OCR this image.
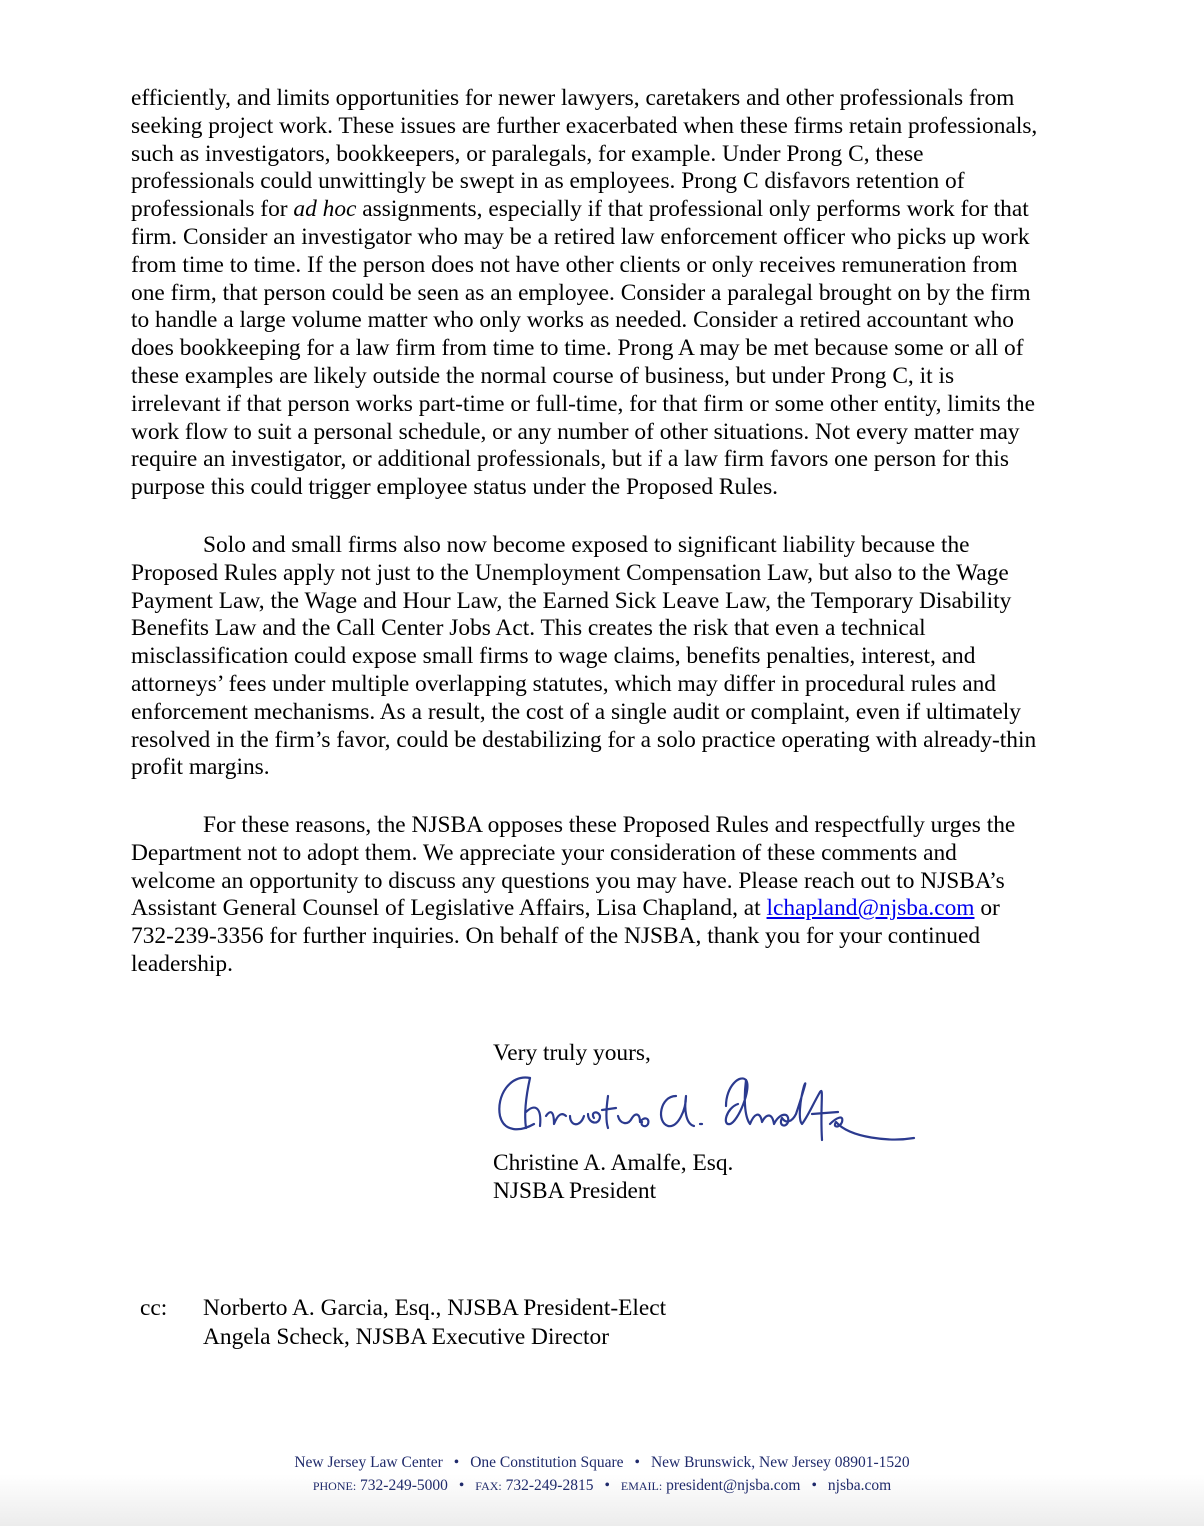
efficiently, and limits opportunities for newer lawyers, caretakers and other professionals from
seeking project work. These issues are further exacerbated when these firms retain professionals,
such as investigators, bookkeepers, or paralegals, for example. Under Prong C, these
professionals could unwittingly be swept in as employees. Prong C disfavors retention of
professionals for ad hoc assignments, especially if that professional only performs work for that
firm. Consider an investigator who may be a retired law enforcement officer who picks up work
from time to time. If the person does not have other clients or only receives remuneration from
one firm, that person could be seen as an employee. Consider a paralegal brought on by the firm
to handle a large volume matter who only works as needed. Consider a retired accountant who
does bookkeeping for a law firm from time to time. Prong A may be met because some or all of
these examples are likely outside the normal course of business, but under Prong C, it is
irrelevant if that person works part-time or full-time, for that firm or some other entity, limits the
work flow to suit a personal schedule, or any number of other situations. Not every matter may
require an investigator, or additional professionals, but if a law firm favors one person for this
purpose this could trigger employee status under the Proposed Rules.
Solo and small firms also now become exposed to significant liability because the
Proposed Rules apply not just to the Unemployment Compensation Law, but also to the Wage
Payment Law, the Wage and Hour Law, the Earned Sick Leave Law, the Temporary Disability
Benefits Law and the Call Center Jobs Act. This creates the risk that even a technical
misclassification could expose small firms to wage claims, benefits penalties, interest, and
attorneys’ fees under multiple overlapping statutes, which may differ in procedural rules and
enforcement mechanisms. As a result, the cost of a single audit or complaint, even if ultimately
resolved in the firm’s favor, could be destabilizing for a solo practice operating with already-thin
profit margins.
For these reasons, the NJSBA opposes these Proposed Rules and respectfully urges the
Department not to adopt them. We appreciate your consideration of these comments and
welcome an opportunity to discuss any questions you may have. Please reach out to NJSBA’s
Assistant General Counsel of Legislative Affairs, Lisa Chapland, at lchapland@njsba.com or
732-239-3356 for further inquiries. On behalf of the NJSBA, thank you for your continued
leadership.
Very truly yours,
Christine A. Amalfe, Esq.
NJSBA President
cc: Norberto A. Garcia, Esq., NJSBA President-Elect
Angela Scheck, NJSBA Executive Director
New Jersey Law Center • One Constitution Square • New Brunswick, New Jersey 08901-1520
PHONE: 732-249-5000 • FAX: 732-249-2815 • EMAIL: president@njsba.com • njsba.com
